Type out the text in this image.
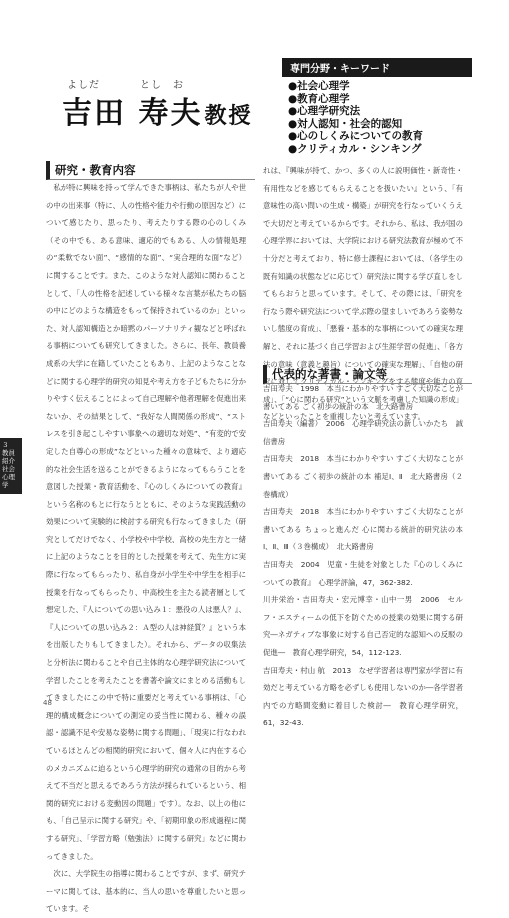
よしだ	とし　お
吉田 寿夫教授
専門分野・キーワード
●社会心理学
●教育心理学
●心理学研究法
●対人認知・社会的認知
●心のしくみについての教育
●クリティカル・シンキング
研究・教育内容

私が特に興味を持って学んできた事柄は、私たちが人や世の中の出来事（特に、人の性格や能力や行動の原因など）について感じたり、思ったり、考えたりする際の心のしくみ（その中でも、ある意味、適応的でもある、人の情報処理の“柔軟でない面”、“感情的な面”、“実合理的な面”など）に関することです。また、このような対人認知に関わることとして、「人の性格を記述している様々な言葉が私たちの脳の中にどのような構造をもって保持されているのか」といった、対人認知構造とか暗黙のパーソナリティ観などと呼ばれる事柄についても研究してきました。さらに、長年、教員養成系の大学に在籍していたこともあり、上記のようなことなどに関する心理学的研究の知見や考え方を子どもたちに分かりやすく伝えることによって自己理解や他者理解を促進出来ないか、その結果として、“我好な人間関係の形成”、“ストレスを引き起こしやすい事象への適切な対処”、“有変的で安定した自尊心の形成”などといった種々の意味で、より適応的な社会生活を送ることができるようになってもらうことを意図した授業・教育活動を、『心のしくみについての教育』という名称のもとに行なうとともに、そのような実践活動の効果について実験的に検討する研究も行なってきました（研究としてだけでなく、小学校や中学校、高校の先生方と一緒に上記のようなことを目的とした授業を考えて、先生方に実際に行なってもらったり、私自身が小学生や中学生を相手に授業を行なってもらったり、中高校生を主たる読者層として想定した、『人についての思い込み１：悪役の人は悪人？』、『人についての思い込み２：Ａ型の人は神経質？』という本を出版したりもしてきました）。それから、データの収集法と分析法に関わることや自己主体的な心理学研究法について学習したことを考えたことを書著や論文にまとめる活動もしてきましたにこの中で特に重要だと考えている事柄は、「心理的構成概念についての測定の妥当性に関わる、種々の誤認・認識不足や安易な姿勢に関する問題」、「現実に行なわれているほとんどの相関的研究において、個々人に内在する心のメカニズムに迫るという心理学的研究の通常の目的から考えて不当だと思えるであろう方法が採られているという、相関的研究における変動因の問題」です）。なお、以上の他にも、「自己呈示に関する研究」や、「初期印象の形成過程に関する研究」、「学習方略（勉強法）に関する研究」などに関わってきました。

次に、大学院生の指導に関わることですが、まず、研究テーマに関しては、基本的に、当人の思いを尊重したいと思っています。そ

れは、『興味が持て、かつ、多くの人に説明価性・新奇性・有用性などを感じてもらえることを扱いたい』という、「有意味性の高い問いの生成・構築」が研究を行なっていくうえで大切だと考えているからです。それから、私は、我が国の心理学界においては、大学院における研究法教育が極めて不十分だと考えており、特に修士課程においては、（各学生の既有知識の状態などに応じて）研究法に関する学び直しをしてもらおうと思っています。そして、その際には、「研究を行なう際や研究法について学ぶ際の望ましいであろう姿勢ないし態度の育成」、「悪養・基本的な事柄についての確実な理解と、それに基づく自己学習および生涯学習の促進」、「各方法の意味（意義と趣旨）についての確実な理解」、「自他の研究に対してクリティカル・シンキングをする態度や能力の育成」、「“心に関わる研究”という文脈を考慮した知識の形成」などといったことを重視したいと考えています。

代表的な著書・論文等

吉田寿夫　1998　本当にわかりやすい すごく大切なことが書いてある ごく初歩の統計の本　北大路書房

吉田寿夫（編著）　2006　心理学研究法の新しいかたち　誠信書房

吉田寿夫　2018　本当にわかりやすい すごく大切なことが書いてある ごく初歩の統計の本 補足Ⅰ、Ⅱ　北大路書房（２巻構成）

吉田寿夫　2018　本当にわかりやすい すごく大切なことが書いてある ちょっと進んだ 心に関わる統計的研究法の本 Ⅰ、Ⅱ、Ⅲ（３巻構成）　北大路書房

吉田寿夫　2004　児童・生徒を対象とした『心のしくみについての教育』　心理学評論，47，362-382.

川井栄治・吉田寿夫・宏元博幸・山中一男　2006　セルフ・エスティームの低下を防ぐための授業の効果に関する研究―ネガティブな事象に対する自己否定的な認知への反駁の促進―　教育心理学研究，54，112-123.

吉田寿夫・村山 航　2013　なぜ学習者は専門家が学習に有効だと考えている方略を必ずしも使用しないのか―各学習者内での方略間変動に着目した検討―　教育心理学研究，61，32-43.

３
教員紹介
社会心理学
48
